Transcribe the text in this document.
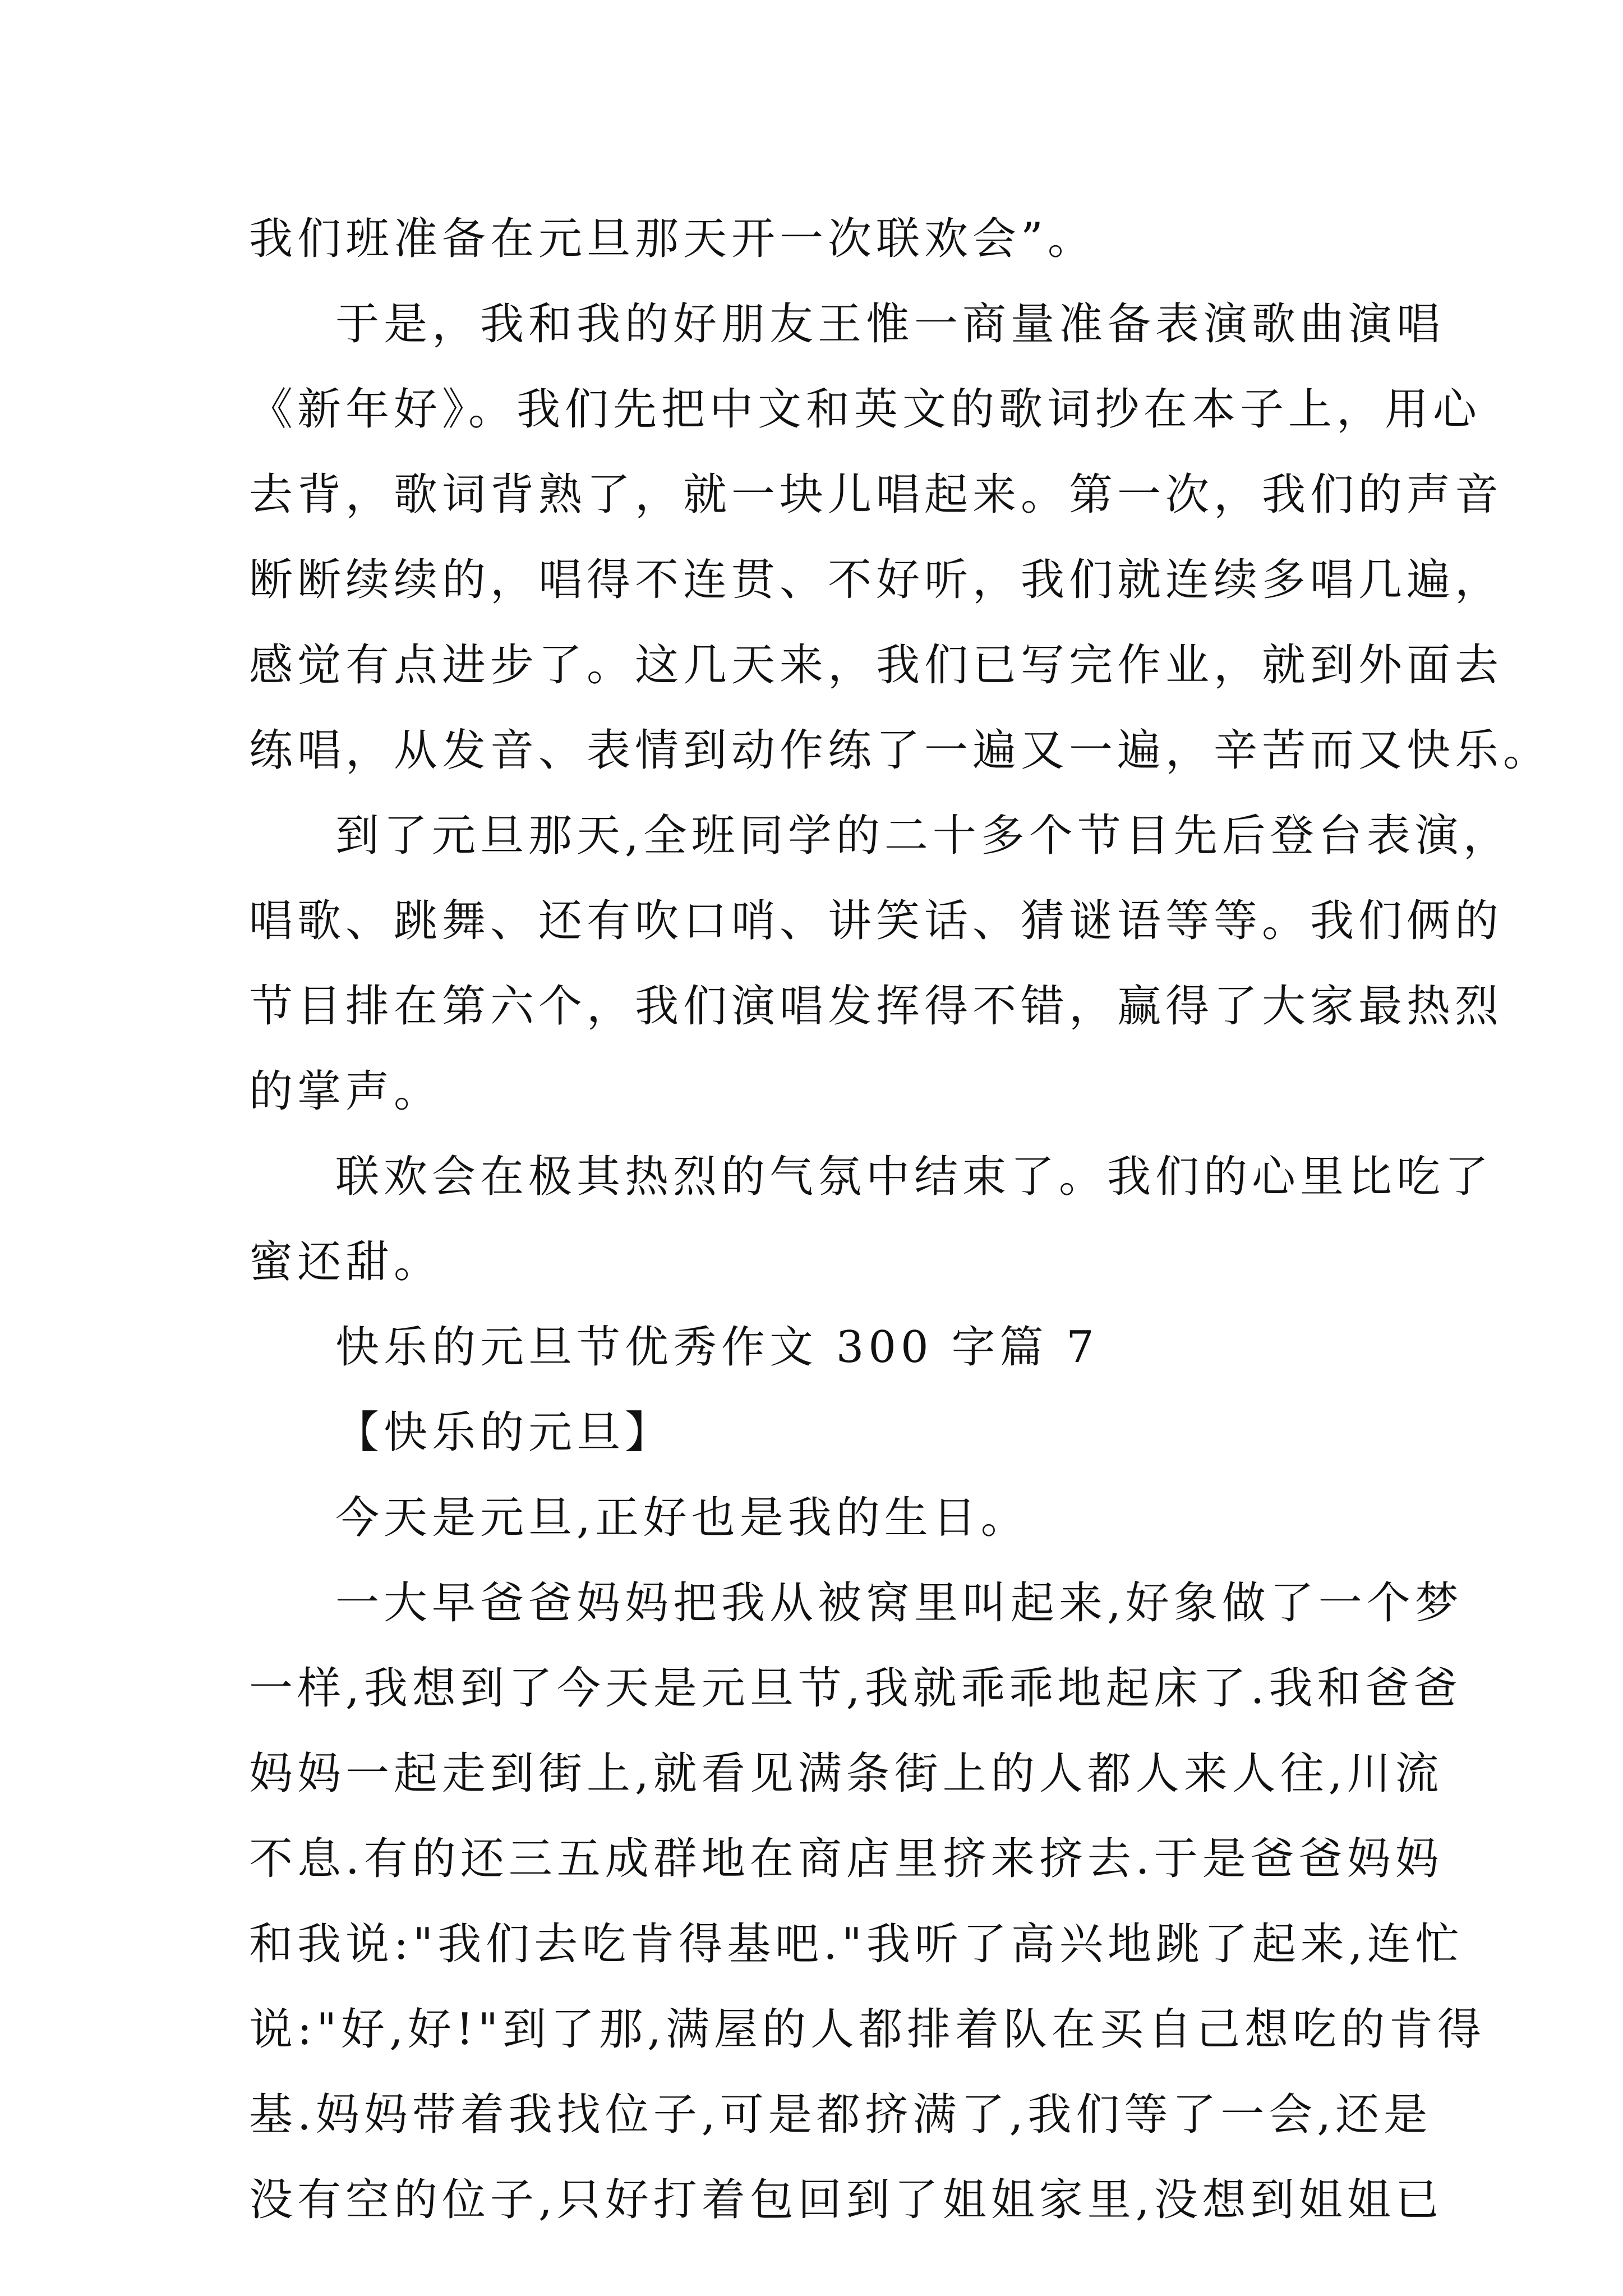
我们班准备在元旦那天开一次联欢会”。
于是，我和我的好朋友王惟一商量准备表演歌曲演唱
《新年好》。我们先把中文和英文的歌词抄在本子上，用心
去背，歌词背熟了，就一块儿唱起来。第一次，我们的声音
断断续续的，唱得不连贯、不好听，我们就连续多唱几遍，
感觉有点进步了。这几天来，我们已写完作业，就到外面去
练唱，从发音、表情到动作练了一遍又一遍，辛苦而又快乐。
到了元旦那天,全班同学的二十多个节目先后登台表演，
唱歌、跳舞、还有吹口哨、讲笑话、猜谜语等等。我们俩的
节目排在第六个，我们演唱发挥得不错，赢得了大家最热烈
的掌声。
联欢会在极其热烈的气氛中结束了。我们的心里比吃了
蜜还甜。
快乐的元旦节优秀作文 300 字篇 7
【快乐的元旦】
今天是元旦,正好也是我的生日。
一大早爸爸妈妈把我从被窝里叫起来,好象做了一个梦
一样,我想到了今天是元旦节,我就乖乖地起床了.我和爸爸
妈妈一起走到街上,就看见满条街上的人都人来人往,川流
不息.有的还三五成群地在商店里挤来挤去.于是爸爸妈妈
和我说:"我们去吃肯得基吧."我听了高兴地跳了起来,连忙
说:"好,好!"到了那,满屋的人都排着队在买自己想吃的肯得
基.妈妈带着我找位子,可是都挤满了,我们等了一会,还是
没有空的位子,只好打着包回到了姐姐家里,没想到姐姐已
